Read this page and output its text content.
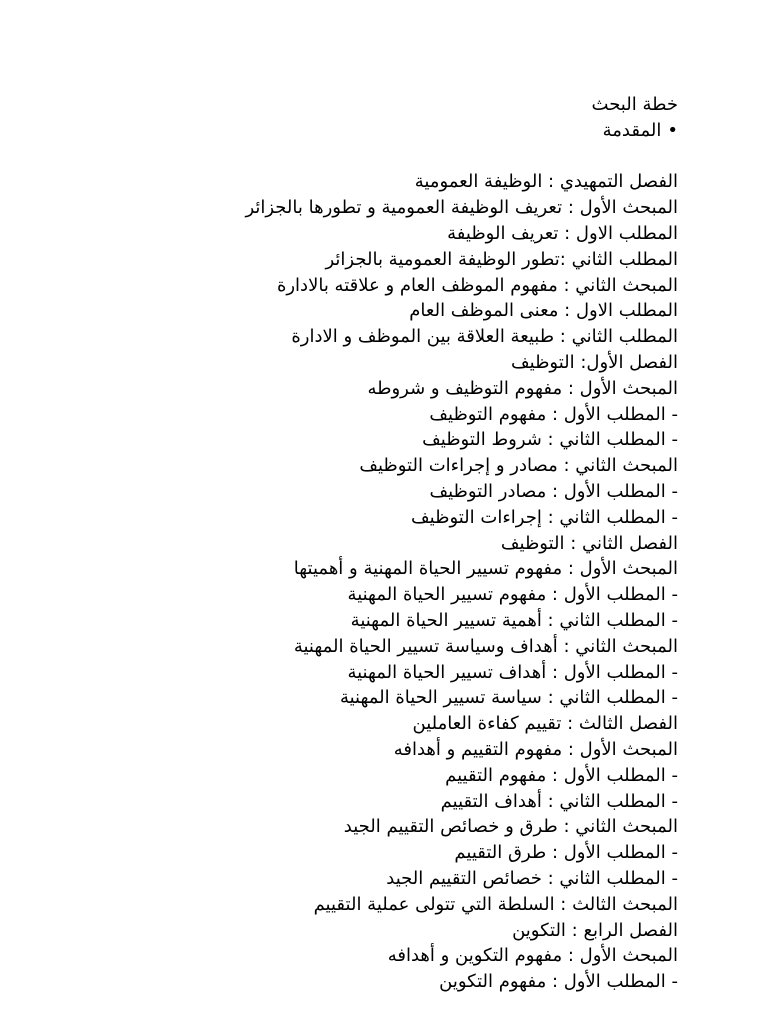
خطة البحث
•المقدمة
الفصل التمهيدي : الوظيفة العمومية
المبحث الأول : تعريف الوظيفة العمومية و تطورها بالجزائر
المطلب الاول : تعريف الوظيفة
المطلب الثاني :تطور الوظيفة العمومية بالجزائر
المبحث الثاني : مفهوم الموظف العام و علاقته بالادارة
المطلب الاول : معنى الموظف العام
المطلب الثاني : طبيعة العلاقة بين الموظف و الادارة
الفصل الأول: التوظيف
المبحث الأول : مفهوم التوظيف و شروطه
- المطلب الأول : مفهوم التوظيف
- المطلب الثاني : شروط التوظيف
المبحث الثاني : مصادر و إجراءات التوظيف
- المطلب الأول : مصادر التوظيف
- المطلب الثاني : إجراءات التوظيف
الفصل الثاني : التوظيف
المبحث الأول : مفهوم تسيير الحياة المهنية و أهميتها
- المطلب الأول : مفهوم تسيير الحياة المهنية
- المطلب الثاني : أهمية تسيير الحياة المهنية
المبحث الثاني : أهداف وسياسة تسيير الحياة المهنية
- المطلب الأول : أهداف تسيير الحياة المهنية
- المطلب الثاني : سياسة تسيير الحياة المهنية
الفصل الثالث : تقييم كفاءة العاملين
المبحث الأول : مفهوم التقييم و أهدافه
- المطلب الأول : مفهوم التقييم
- المطلب الثاني : أهداف التقييم
المبحث الثاني : طرق و خصائص التقييم الجيد
- المطلب الأول : طرق التقييم
- المطلب الثاني : خصائص التقييم الجيد
المبحث الثالث : السلطة التي تتولى عملية التقييم
الفصل الرابع : التكوين
المبحث الأول : مفهوم التكوين و أهدافه
- المطلب الأول : مفهوم التكوين
